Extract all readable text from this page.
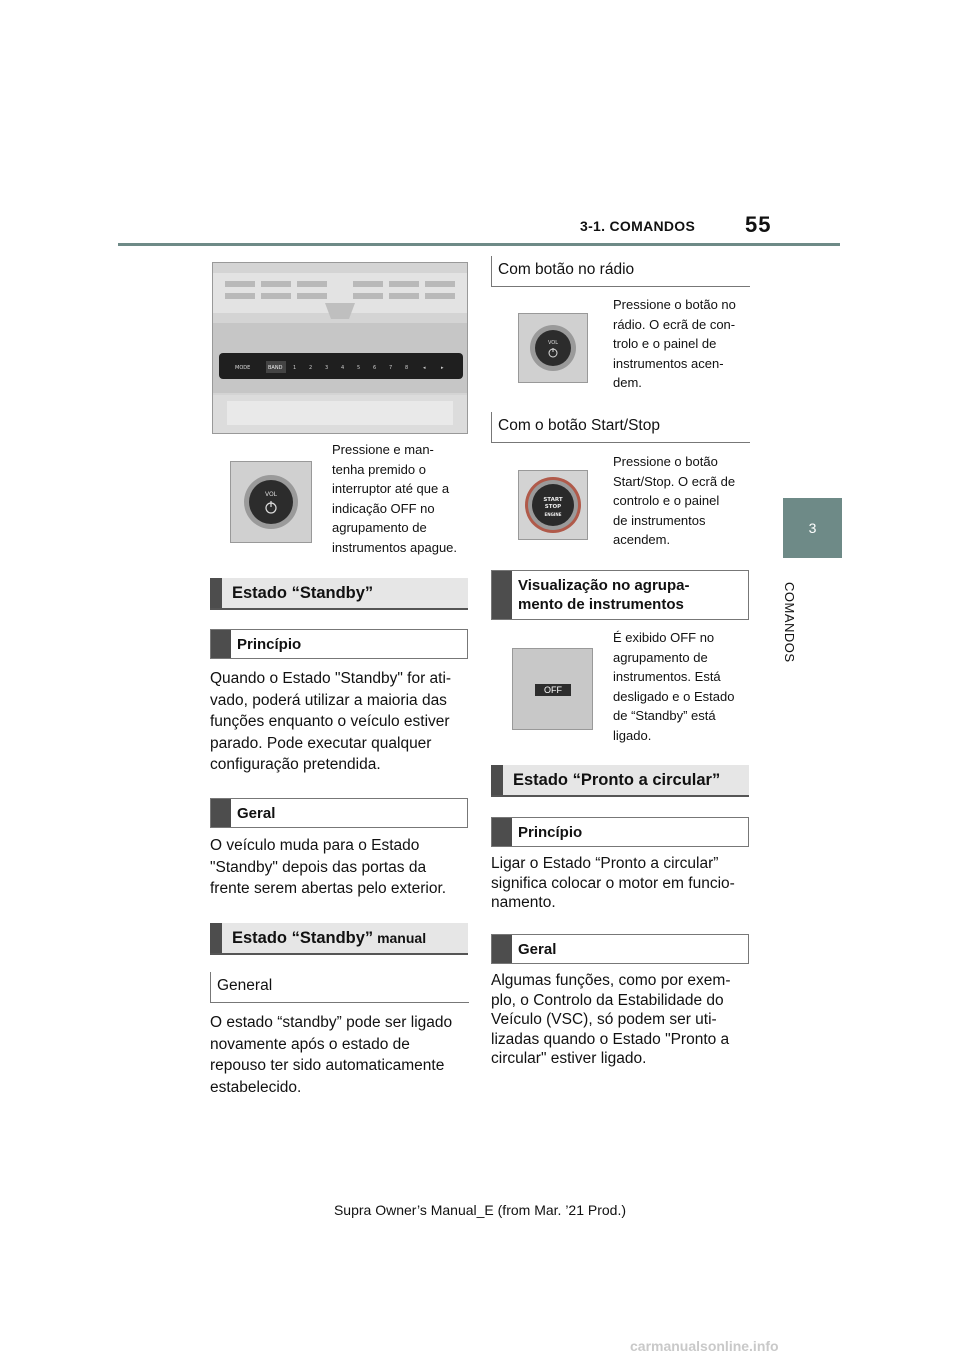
3-1. COMANDOS 55
3
COMANDOS
MODE	BAND 1	2	3	4	5	6	7	8	◂	▸
VOL
Pressione e man-
tenha premido o
interruptor até que a
indicação OFF no
agrupamento de
instrumentos apague.
Estado “Standby”
Princípio
Quando o Estado "Standby" for ati-
vado, poderá utilizar a maioria das
funções enquanto o veículo estiver
parado. Pode executar qualquer
configuração pretendida.
Geral
O veículo muda para o Estado
"Standby" depois das portas da
frente serem abertas pelo exterior.
Estado “Standby” manual
General
O estado “standby” pode ser ligado
novamente após o estado de
repouso ter sido automaticamente
estabelecido.
Com botão no rádio
VOL
Pressione o botão no
rádio. O ecrã de con-
trolo e o painel de
instrumentos acen-
dem.
Com o botão Start/Stop
START
STOP
ENGINE
Pressione o botão
Start/Stop. O ecrã de
controlo e o painel
de instrumentos
acendem.
Visualização no agrupa-
mento de instrumentos
OFF
É exibido OFF no
agrupamento de
instrumentos. Está
desligado e o Estado
de “Standby” está
ligado.
Estado “Pronto a circular”
Princípio
Ligar o Estado “Pronto a circular”
significa colocar o motor em funcio-
namento.
Geral
Algumas funções, como por exem-
plo, o Controlo da Estabilidade do
Veículo (VSC), só podem ser uti-
lizadas quando o Estado "Pronto a
circular" estiver ligado.
Supra Owner’s Manual_E (from Mar. ’21 Prod.)
carmanualsonline.info
